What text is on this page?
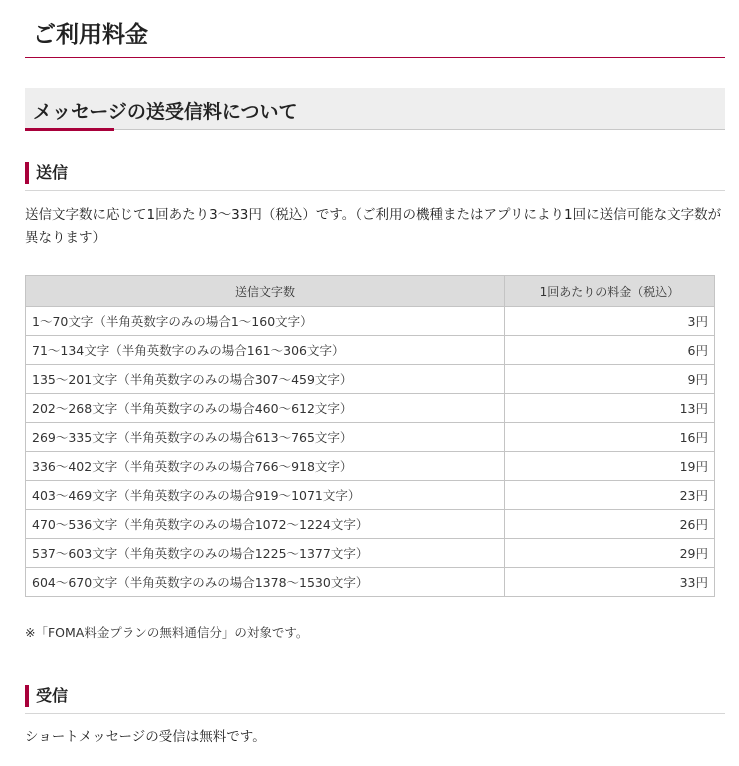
ご利用料金
メッセージの送受信料について
送信

送信文字数に応じて1回あたり3～33円（税込）です。（ご利用の機種またはアプリにより1回に送信可能な文字数が異なります）

送信文字数	1回あたりの料金（税込）
1～70文字（半角英数字のみの場合1～160文字）	3円
71～134文字（半角英数字のみの場合161～306文字）	6円
135～201文字（半角英数字のみの場合307～459文字）	9円
202～268文字（半角英数字のみの場合460～612文字）	13円
269～335文字（半角英数字のみの場合613～765文字）	16円
336～402文字（半角英数字のみの場合766～918文字）	19円
403～469文字（半角英数字のみの場合919～1071文字）	23円
470～536文字（半角英数字のみの場合1072～1224文字）	26円
537～603文字（半角英数字のみの場合1225～1377文字）	29円
604～670文字（半角英数字のみの場合1378～1530文字）	33円
※「FOMA料金プランの無料通信分」の対象です。
受信

ショートメッセージの受信は無料です。
